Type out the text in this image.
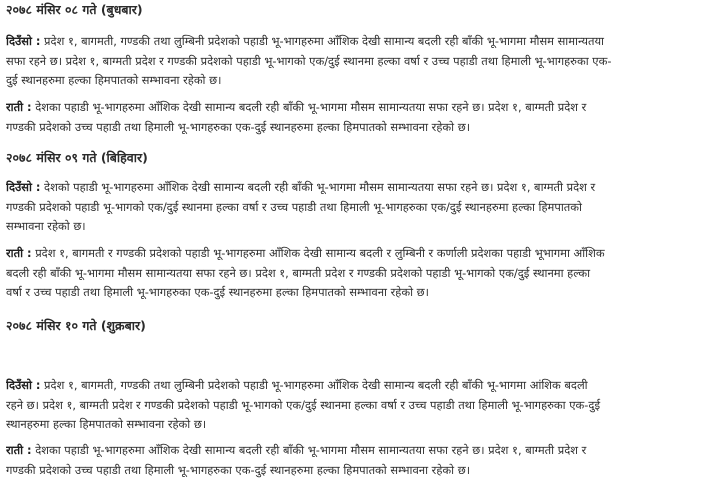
२०७८ मंसिर ०८ गते (बुधबार)
दिउँसो : प्रदेश १, बागमती, गण्डकी तथा लुम्बिनी प्रदेशको पहाडी भू-भागहरुमा आँशिक देखी सामान्य बदली रही बाँकी भू-भागमा मौसम सामान्यतया
सफा रहने छ। प्रदेश १, बाग्मती प्रदेश र गण्डकी प्रदेशको पहाडी भू-भागको एक/दुई स्थानमा हल्का वर्षा र उच्च पहाडी तथा हिमाली भू-भागहरुका एक-
दुई स्थानहरुमा हल्का हिमपातको सम्भावना रहेको छ।
राती : देशका पहाडी भू-भागहरुमा आँशिक देखी सामान्य बदली रही बाँकी भू-भागमा मौसम सामान्यतया सफा रहने छ। प्रदेश १, बाग्मती प्रदेश र
गण्डकी प्रदेशको उच्च पहाडी तथा हिमाली भू-भागहरुका एक-दुई स्थानहरुमा हल्का हिमपातको सम्भावना रहेको छ।
२०७८ मंसिर ०९ गते (बिहिवार)
दिउँसो : देशको पहाडी भू-भागहरुमा आँशिक देखी सामान्य बदली रही बाँकी भू-भागमा मौसम सामान्यतया सफा रहने छ। प्रदेश १, बाग्मती प्रदेश र
गण्डकी प्रदेशको पहाडी भू-भागको एक/दुई स्थानमा हल्का वर्षा र उच्च पहाडी तथा हिमाली भू-भागहरुका एक/दुई स्थानहरुमा हल्का हिमपातको
सम्भावना रहेको छ।
राती : प्रदेश १, बागमती र गण्डकी प्रदेशको पहाडी भू-भागहरुमा आँशिक देखी सामान्य बदली र लुम्बिनी र कर्णाली प्रदेशका पहाडी भूभागमा आँशिक
बदली रही बाँकी भू-भागमा मौसम सामान्यतया सफा रहने छ। प्रदेश १, बाग्मती प्रदेश र गण्डकी प्रदेशको पहाडी भू-भागको एक/दुई स्थानमा हल्का
वर्षा र उच्च पहाडी तथा हिमाली भू-भागहरुका एक-दुई स्थानहरुमा हल्का हिमपातको सम्भावना रहेको छ।
२०७८ मंसिर १० गते (शुक्रबार)
दिउँसो : प्रदेश १, बागमती, गण्डकी तथा लुम्बिनी प्रदेशको पहाडी भू-भागहरुमा आँशिक देखी सामान्य बदली रही बाँकी भू-भागमा आंशिक बदली
रहने छ। प्रदेश १, बाग्मती प्रदेश र गण्डकी प्रदेशको पहाडी भू-भागको एक/दुई स्थानमा हल्का वर्षा र उच्च पहाडी तथा हिमाली भू-भागहरुका एक-दुई
स्थानहरुमा हल्का हिमपातको सम्भावना रहेको छ।
राती : देशका पहाडी भू-भागहरुमा आँशिक देखी सामान्य बदली रही बाँकी भू-भागमा मौसम सामान्यतया सफा रहने छ। प्रदेश १, बाग्मती प्रदेश र
गण्डकी प्रदेशको उच्च पहाडी तथा हिमाली भू-भागहरुका एक-दुई स्थानहरुमा हल्का हिमपातको सम्भावना रहेको छ।
